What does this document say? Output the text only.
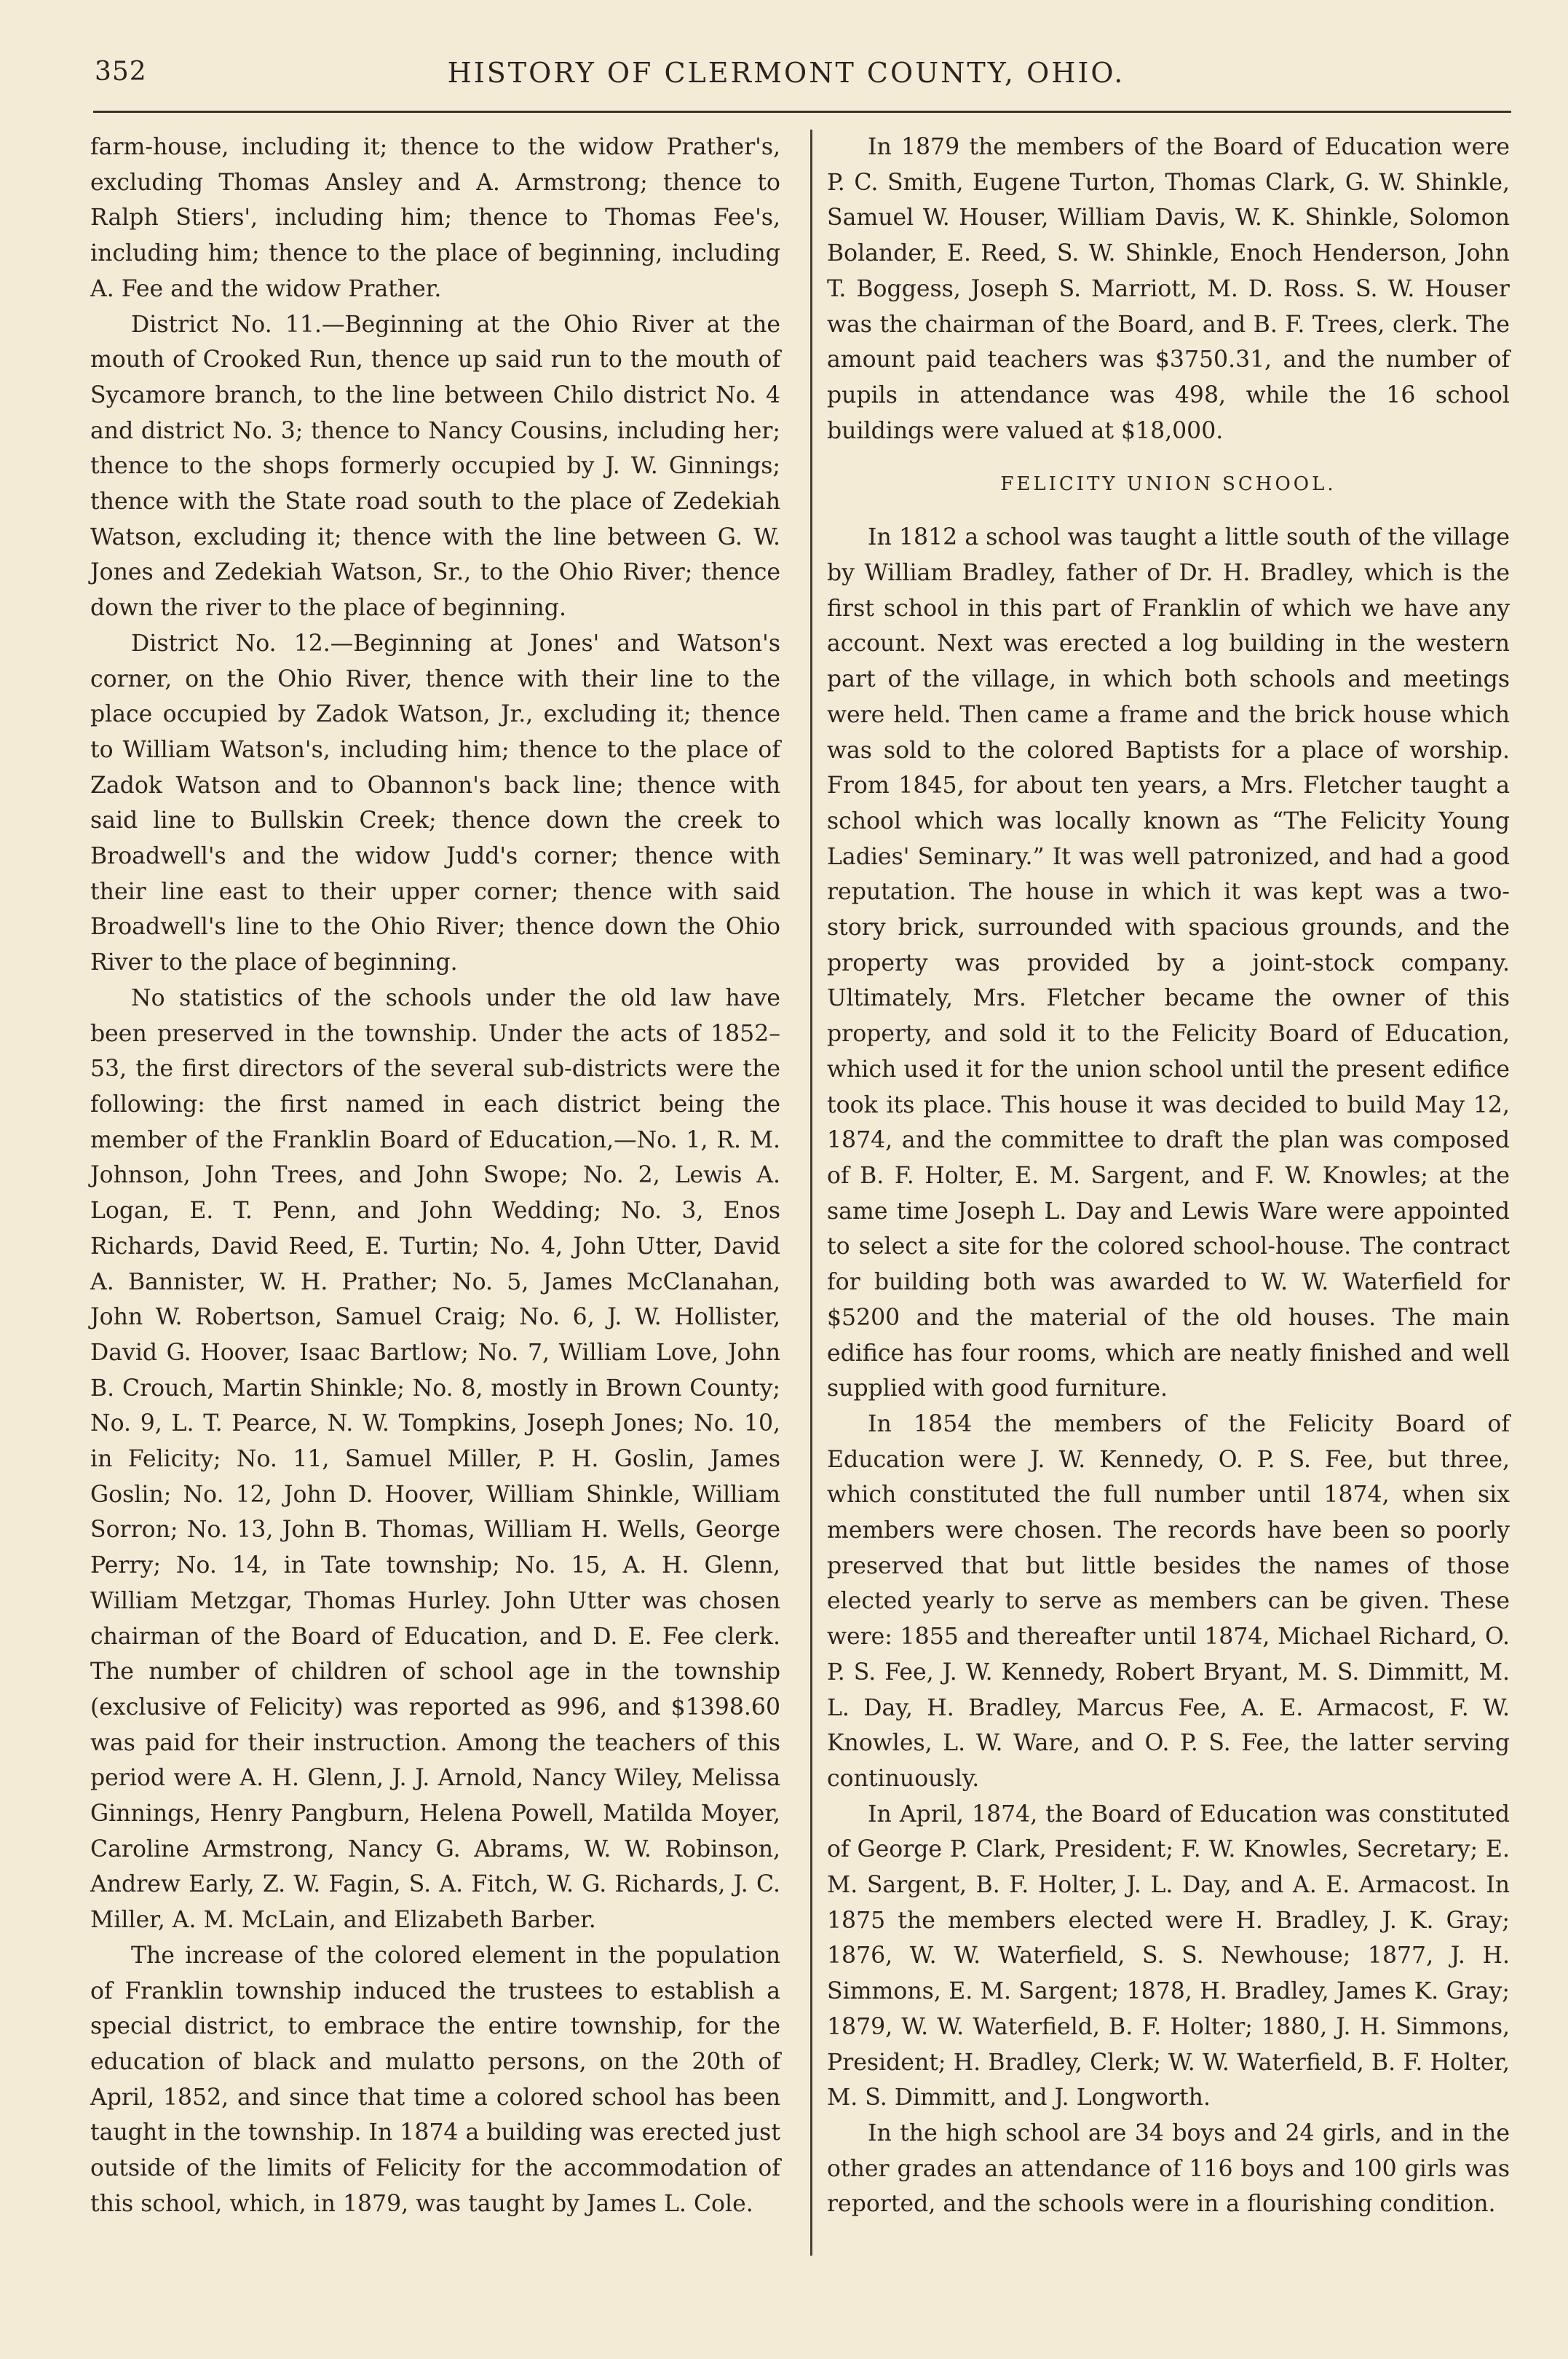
352	HISTORY OF CLERMONT COUNTY, OHIO.

farm-house, including it; thence to the widow Prather's, excluding Thomas Ansley and A. Armstrong; thence to Ralph Stiers', including him; thence to Thomas Fee's, including him; thence to the place of beginning, including A. Fee and the widow Prather.

District No. 11.—Beginning at the Ohio River at the mouth of Crooked Run, thence up said run to the mouth of Sycamore branch, to the line between Chilo district No. 4 and district No. 3; thence to Nancy Cousins, including her; thence to the shops formerly occupied by J. W. Ginnings; thence with the State road south to the place of Zedekiah Watson, excluding it; thence with the line between G. W. Jones and Zedekiah Watson, Sr., to the Ohio River; thence down the river to the place of beginning.

District No. 12.—Beginning at Jones' and Watson's corner, on the Ohio River, thence with their line to the place occupied by Zadok Watson, Jr., excluding it; thence to William Watson's, including him; thence to the place of Zadok Watson and to Obannon's back line; thence with said line to Bullskin Creek; thence down the creek to Broadwell's and the widow Judd's corner; thence with their line east to their upper corner; thence with said Broadwell's line to the Ohio River; thence down the Ohio River to the place of beginning.

No statistics of the schools under the old law have been preserved in the township. Under the acts of 1852–53, the first directors of the several sub-districts were the following: the first named in each district being the member of the Franklin Board of Education,—No. 1, R. M. Johnson, John Trees, and John Swope; No. 2, Lewis A. Logan, E. T. Penn, and John Wedding; No. 3, Enos Richards, David Reed, E. Turtin; No. 4, John Utter, David A. Bannister, W. H. Prather; No. 5, James McClanahan, John W. Robertson, Samuel Craig; No. 6, J. W. Hollister, David G. Hoover, Isaac Bartlow; No. 7, William Love, John B. Crouch, Martin Shinkle; No. 8, mostly in Brown County; No. 9, L. T. Pearce, N. W. Tompkins, Joseph Jones; No. 10, in Felicity; No. 11, Samuel Miller, P. H. Goslin, James Goslin; No. 12, John D. Hoover, William Shinkle, William Sorron; No. 13, John B. Thomas, William H. Wells, George Perry; No. 14, in Tate township; No. 15, A. H. Glenn, William Metzgar, Thomas Hurley. John Utter was chosen chairman of the Board of Education, and D. E. Fee clerk. The number of children of school age in the township (exclusive of Felicity) was reported as 996, and $1398.60 was paid for their instruction. Among the teachers of this period were A. H. Glenn, J. J. Arnold, Nancy Wiley, Melissa Ginnings, Henry Pangburn, Helena Powell, Matilda Moyer, Caroline Armstrong, Nancy G. Abrams, W. W. Robinson, Andrew Early, Z. W. Fagin, S. A. Fitch, W. G. Richards, J. C. Miller, A. M. McLain, and Elizabeth Barber.

The increase of the colored element in the population of Franklin township induced the trustees to establish a special district, to embrace the entire township, for the education of black and mulatto persons, on the 20th of April, 1852, and since that time a colored school has been taught in the township. In 1874 a building was erected just outside of the limits of Felicity for the accommodation of this school, which, in 1879, was taught by James L. Cole.

In 1879 the members of the Board of Education were P. C. Smith, Eugene Turton, Thomas Clark, G. W. Shinkle, Samuel W. Houser, William Davis, W. K. Shinkle, Solomon Bolander, E. Reed, S. W. Shinkle, Enoch Henderson, John T. Boggess, Joseph S. Marriott, M. D. Ross. S. W. Houser was the chairman of the Board, and B. F. Trees, clerk. The amount paid teachers was $3750.31, and the number of pupils in attendance was 498, while the 16 school buildings were valued at $18,000.

FELICITY UNION SCHOOL.

In 1812 a school was taught a little south of the village by William Bradley, father of Dr. H. Bradley, which is the first school in this part of Franklin of which we have any account. Next was erected a log building in the western part of the village, in which both schools and meetings were held. Then came a frame and the brick house which was sold to the colored Baptists for a place of worship. From 1845, for about ten years, a Mrs. Fletcher taught a school which was locally known as “The Felicity Young Ladies' Seminary.” It was well patronized, and had a good reputation. The house in which it was kept was a two-story brick, surrounded with spacious grounds, and the property was provided by a joint-stock company. Ultimately, Mrs. Fletcher became the owner of this property, and sold it to the Felicity Board of Education, which used it for the union school until the present edifice took its place. This house it was decided to build May 12, 1874, and the committee to draft the plan was composed of B. F. Holter, E. M. Sargent, and F. W. Knowles; at the same time Joseph L. Day and Lewis Ware were appointed to select a site for the colored school-house. The contract for building both was awarded to W. W. Waterfield for $5200 and the material of the old houses. The main edifice has four rooms, which are neatly finished and well supplied with good furniture.

In 1854 the members of the Felicity Board of Education were J. W. Kennedy, O. P. S. Fee, but three, which constituted the full number until 1874, when six members were chosen. The records have been so poorly preserved that but little besides the names of those elected yearly to serve as members can be given. These were: 1855 and thereafter until 1874, Michael Richard, O. P. S. Fee, J. W. Kennedy, Robert Bryant, M. S. Dimmitt, M. L. Day, H. Bradley, Marcus Fee, A. E. Armacost, F. W. Knowles, L. W. Ware, and O. P. S. Fee, the latter serving continuously.

In April, 1874, the Board of Education was constituted of George P. Clark, President; F. W. Knowles, Secretary; E. M. Sargent, B. F. Holter, J. L. Day, and A. E. Armacost. In 1875 the members elected were H. Bradley, J. K. Gray; 1876, W. W. Waterfield, S. S. Newhouse; 1877, J. H. Simmons, E. M. Sargent; 1878, H. Bradley, James K. Gray; 1879, W. W. Waterfield, B. F. Holter; 1880, J. H. Simmons, President; H. Bradley, Clerk; W. W. Waterfield, B. F. Holter, M. S. Dimmitt, and J. Longworth.

In the high school are 34 boys and 24 girls, and in the other grades an attendance of 116 boys and 100 girls was reported, and the schools were in a flourishing condition.
